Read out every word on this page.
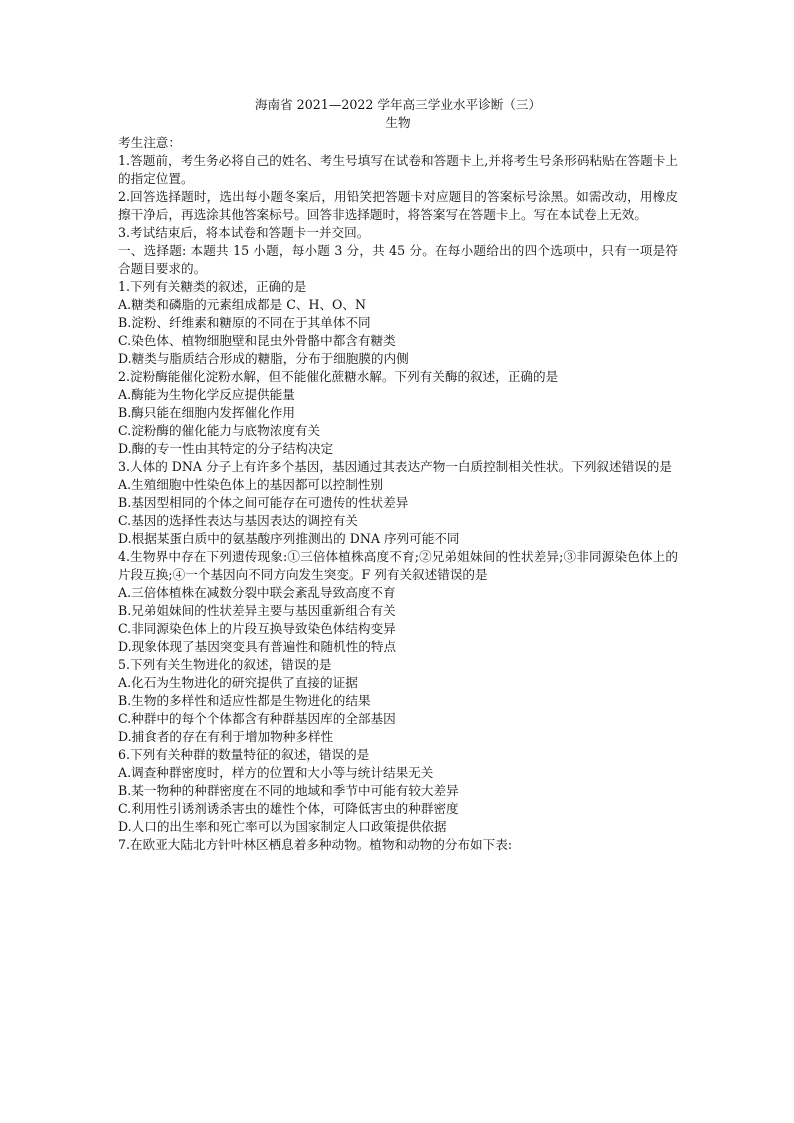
海南省 2021—2022 学年高三学业水平诊断（三）

生物

考生注意：

1.答题前，考生务必将自己的姓名、考生号填写在试卷和答题卡上,并将考生号条形码粘贴在答题卡上的指定位置。

2.回答选择题时，选出每小题冬案后，用铅笑把答题卡对应题目的答案标号涂黑。如需改动，用橡皮擦干净后，再选涂其他答案标号。回答非选择题时，将答案写在答题卡上。写在本试卷上无效。

3.考试结束后，将本试卷和答题卡一并交回。

一、选择题: 本题共 15 小题，每小题 3 分，共 45 分。在每小题给出的四个选项中，只有一项是符合题目要求的。

1.下列有关糖类的叙述，正确的是

A.糖类和磷脂的元素组成都是 C、H、O、N

B.淀粉、纤维素和糖原的不同在于其单体不同

C.染色体、植物细胞壁和昆虫外骨骼中都含有糖类

D.糖类与脂质结合形成的糖脂，分布于细胞膜的内侧

2.淀粉酶能催化淀粉水解，但不能催化蔗糖水解。下列有关酶的叙述，正确的是

A.酶能为生物化学反应提供能量

B.酶只能在细胞内发挥催化作用

C.淀粉酶的催化能力与底物浓度有关

D.酶的专一性由其特定的分子结构决定

3.人体的 DNA 分子上有许多个基因，基因通过其表达产物一白质控制相关性状。下列叙述错误的是

A.生殖细胞中性染色体上的基因都可以控制性别

B.基因型相同的个体之间可能存在可遗传的性状差异

C.基因的选择性表达与基因表达的调控有关

D.根据某蛋白质中的氨基酸序列推测出的 DNA 序列可能不同

4.生物界中存在下列遗传现象:①三倍体植株高度不育;②兄弟姐妹间的性状差异;③非同源染色体上的片段互换;④一个基因向不同方向发生突变。F 列有关叙述错误的是

A.三倍体植株在减数分裂中联会紊乱导致高度不育

B.兄弟姐妹间的性状差异主要与基因重新组合有关

C.非同源染色体上的片段互换导致染色体结构变异

D.现象体现了基因突变具有普遍性和随机性的特点

5.下列有关生物进化的叙述，错误的是

A.化石为生物进化的研究提供了直接的证据

B.生物的多样性和适应性都是生物进化的结果

C.种群中的每个个体都含有种群基因库的全部基因

D.捕食者的存在有利于增加物种多样性

6.下列有关种群的数量特征的叙述，错误的是

A.调查种群密度时，样方的位置和大小等与统计结果无关

B.某一物种的种群密度在不同的地域和季节中可能有较大差异

C.利用性引诱剂诱杀害虫的雄性个体，可降低害虫的种群密度

D.人口的出生率和死亡率可以为国家制定人口政策提供依据

7.在欧亚大陆北方针叶林区栖息着多种动物。植物和动物的分布如下表:
